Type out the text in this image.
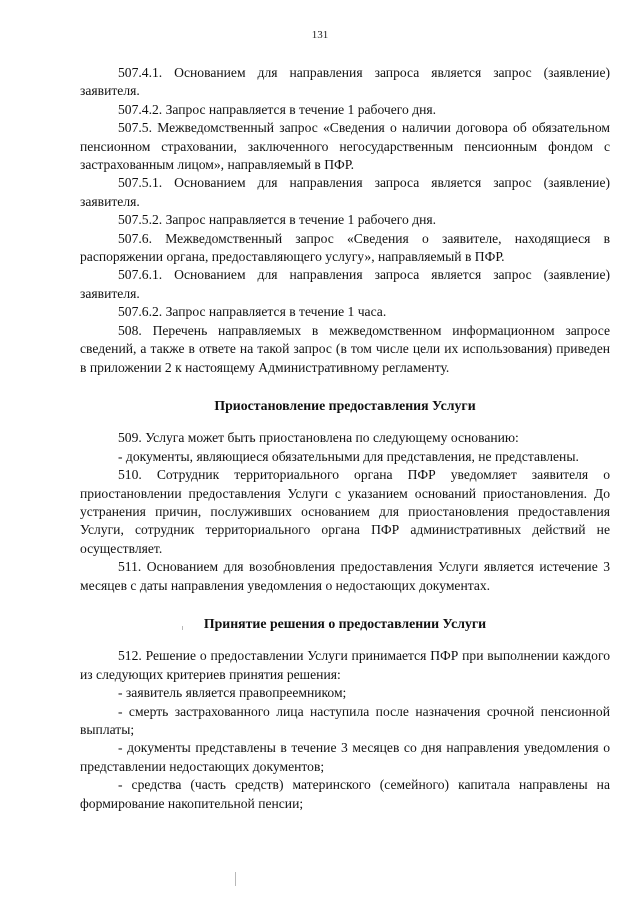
131

507.4.1. Основанием для направления запроса является запрос (заявление) заявителя.

507.4.2. Запрос направляется в течение 1 рабочего дня.

507.5. Межведомственный запрос «Сведения о наличии договора об обязательном пенсионном страховании, заключенного негосударственным пенсионным фондом с застрахованным лицом», направляемый в ПФР.

507.5.1. Основанием для направления запроса является запрос (заявление) заявителя.

507.5.2. Запрос направляется в течение 1 рабочего дня.

507.6. Межведомственный запрос «Сведения о заявителе, находящиеся в распоряжении органа, предоставляющего услугу», направляемый в ПФР.

507.6.1. Основанием для направления запроса является запрос (заявление) заявителя.

507.6.2. Запрос направляется в течение 1 часа.

508. Перечень направляемых в межведомственном информационном запросе сведений, а также в ответе на такой запрос (в том числе цели их использования) приведен в приложении 2 к настоящему Административному регламенту.

Приостановление предоставления Услуги

509. Услуга может быть приостановлена по следующему основанию:

- документы, являющиеся обязательными для представления, не представлены.

510. Сотрудник территориального органа ПФР уведомляет заявителя о приостановлении предоставления Услуги с указанием оснований приостановления. До устранения причин, послуживших основанием для приостановления предоставления Услуги, сотрудник территориального органа ПФР административных действий не осуществляет.

511. Основанием для возобновления предоставления Услуги является истечение 3 месяцев с даты направления уведомления о недостающих документах.

Принятие решения о предоставлении Услуги

512. Решение о предоставлении Услуги принимается ПФР при выполнении каждого из следующих критериев принятия решения:

- заявитель является правопреемником;

- смерть застрахованного лица наступила после назначения срочной пенсионной выплаты;

- документы представлены в течение 3 месяцев со дня направления уведомления о представлении недостающих документов;

- средства (часть средств) материнского (семейного) капитала направлены на формирование накопительной пенсии;
